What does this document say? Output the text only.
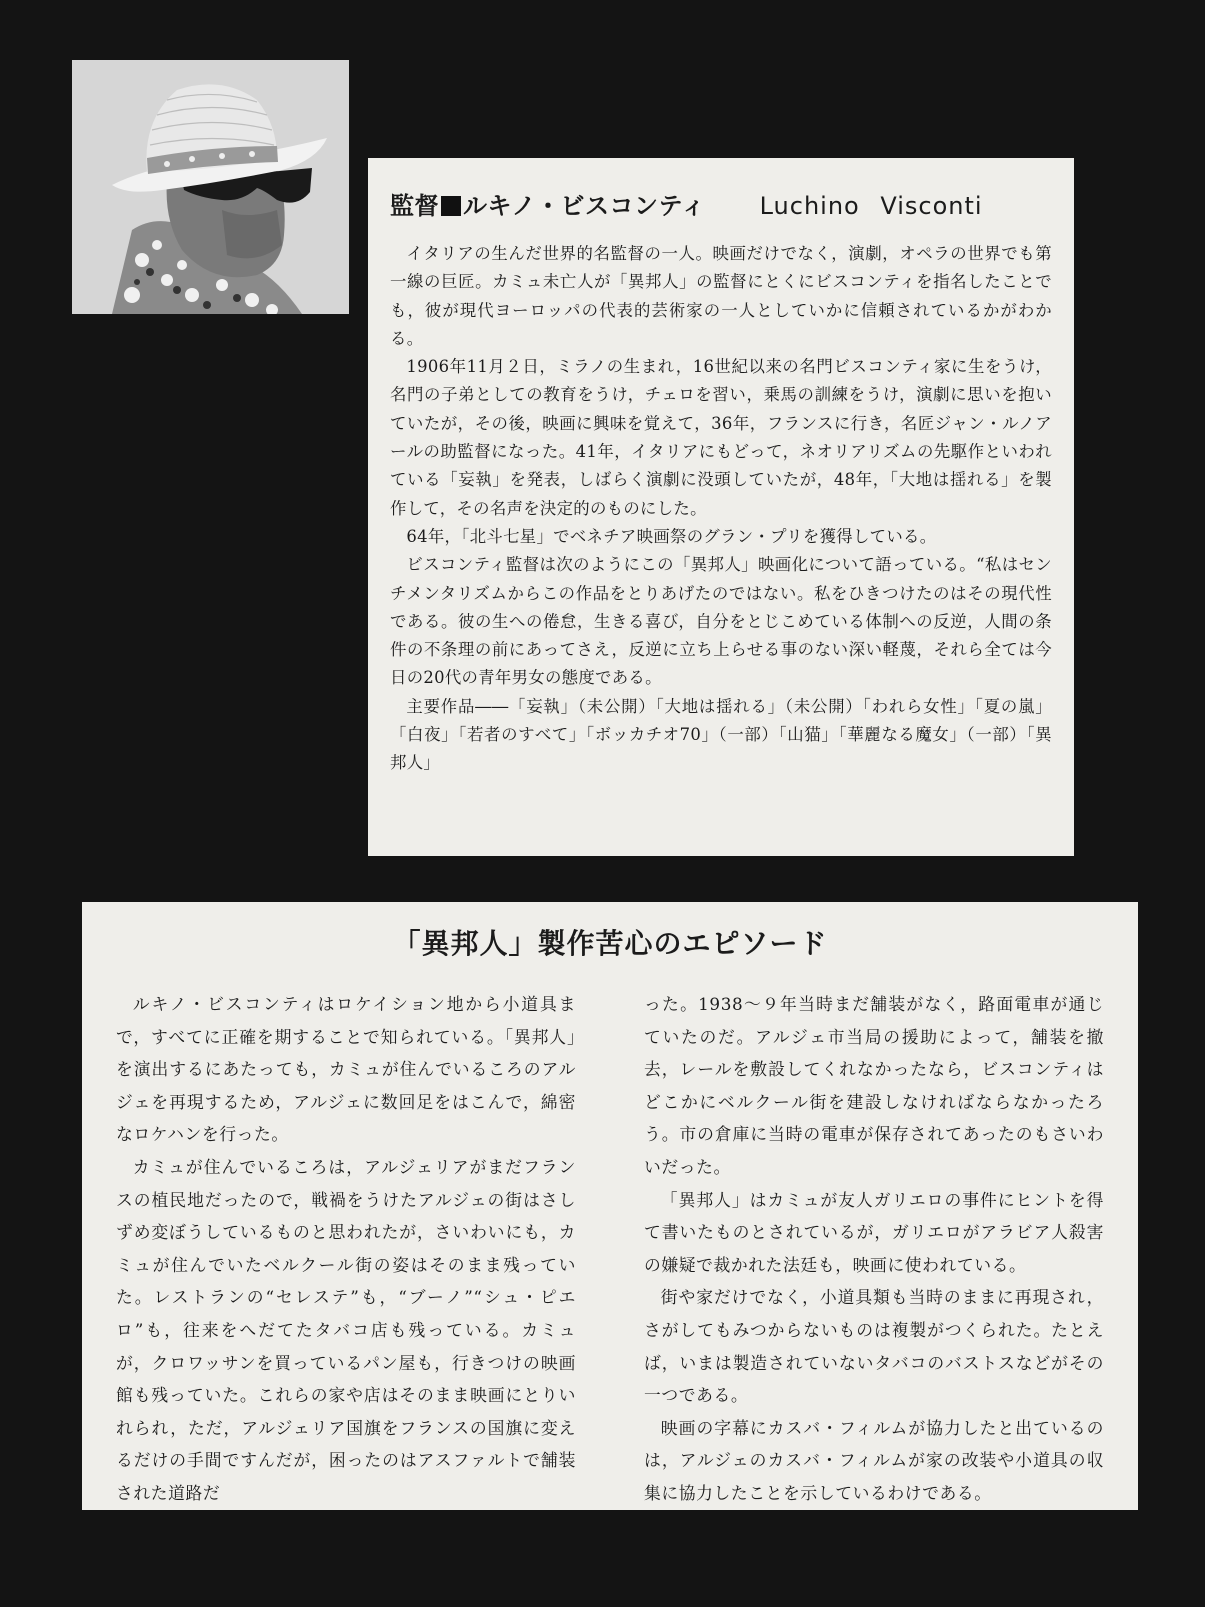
監督 ルキノ・ビスコンティ Luchino Visconti

イタリアの生んだ世界的名監督の一人。映画だけでなく，演劇，オペラの世界でも第一線の巨匠。カミュ未亡人が「異邦人」の監督にとくにビスコンティを指名したことでも，彼が現代ヨーロッパの代表的芸術家の一人としていかに信頼されているかがわかる。

1906年11月２日，ミラノの生まれ，16世紀以来の名門ビスコンティ家に生をうけ，名門の子弟としての教育をうけ，チェロを習い，乗馬の訓練をうけ，演劇に思いを抱いていたが，その後，映画に興味を覚えて，36年，フランスに行き，名匠ジャン・ルノアールの助監督になった。41年，イタリアにもどって，ネオリアリズムの先駆作といわれている「妄執」を発表，しばらく演劇に没頭していたが，48年，「大地は揺れる」を製作して，その名声を決定的のものにした。

64年，「北斗七星」でベネチア映画祭のグラン・プリを獲得している。

ビスコンティ監督は次のようにこの「異邦人」映画化について語っている。“私はセンチメンタリズムからこの作品をとりあげたのではない。私をひきつけたのはその現代性である。彼の生への倦怠，生きる喜び，自分をとじこめている体制への反逆，人間の条件の不条理の前にあってさえ，反逆に立ち上らせる事のない深い軽蔑，それら全ては今日の20代の青年男女の態度である。

主要作品――「妄執」（未公開）「大地は揺れる」（未公開）「われら女性」「夏の嵐」「白夜」「若者のすべて」「ボッカチオ70」（一部）「山猫」「華麗なる魔女」（一部）「異邦人」

「異邦人」製作苦心のエピソード

ルキノ・ビスコンティはロケイション地から小道具まで，すべてに正確を期することで知られている。「異邦人」を演出するにあたっても，カミュが住んでいるころのアルジェを再現するため，アルジェに数回足をはこんで，綿密なロケハンを行った。

カミュが住んでいるころは，アルジェリアがまだフランスの植民地だったので，戦禍をうけたアルジェの街はさしずめ変ぼうしているものと思われたが，さいわいにも，カミュが住んでいたベルクール街の姿はそのまま残っていた。レストランの“セレステ”も，“ブーノ”“シュ・ピエロ”も，往来をへだてたタバコ店も残っている。カミュが，クロワッサンを買っているパン屋も，行きつけの映画館も残っていた。これらの家や店はそのまま映画にとりいれられ，ただ，アルジェリア国旗をフランスの国旗に変えるだけの手間ですんだが，困ったのはアスファルトで舗装された道路だ

った。1938～９年当時まだ舗装がなく，路面電車が通じていたのだ。アルジェ市当局の援助によって，舗装を撤去，レールを敷設してくれなかったなら，ビスコンティはどこかにベルクール街を建設しなければならなかったろう。市の倉庫に当時の電車が保存されてあったのもさいわいだった。

「異邦人」はカミュが友人ガリエロの事件にヒントを得て書いたものとされているが，ガリエロがアラビア人殺害の嫌疑で裁かれた法廷も，映画に使われている。

街や家だけでなく，小道具類も当時のままに再現され，さがしてもみつからないものは複製がつくられた。たとえば，いまは製造されていないタバコのバストスなどがその一つである。

映画の字幕にカスバ・フィルムが協力したと出ているのは，アルジェのカスバ・フィルムが家の改装や小道具の収集に協力したことを示しているわけである。
